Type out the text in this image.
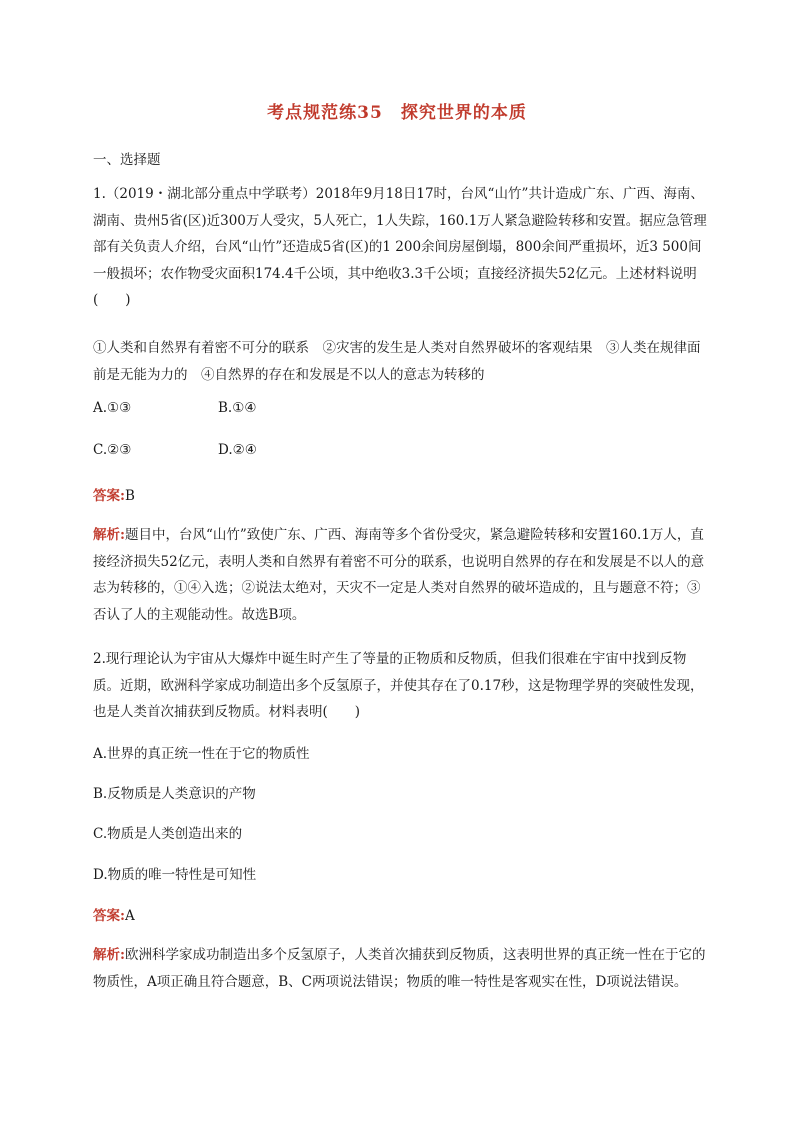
考点规范练35　探究世界的本质
一、选择题
1.（2019・湖北部分重点中学联考）2018年9月18日17时，台风“山竹”共计造成广东、广西、海南、湖南、贵州5省(区)近300万人受灾，5人死亡，1人失踪，160.1万人紧急避险转移和安置。据应急管理部有关负责人介绍，台风“山竹”还造成5省(区)的1 200余间房屋倒塌，800余间严重损坏，近3 500间一般损坏；农作物受灾面积174.4千公顷，其中绝收3.3千公顷；直接经济损失52亿元。上述材料说明(　　)
①人类和自然界有着密不可分的联系　②灾害的发生是人类对自然界破坏的客观结果　③人类在规律面前是无能为力的　④自然界的存在和发展是不以人的意志为转移的
A.①③	B.①④
C.②③	D.②④
答案:B
解析:题目中，台风“山竹”致使广东、广西、海南等多个省份受灾，紧急避险转移和安置160.1万人，直接经济损失52亿元，表明人类和自然界有着密不可分的联系，也说明自然界的存在和发展是不以人的意志为转移的，①④入选；②说法太绝对，天灾不一定是人类对自然界的破坏造成的，且与题意不符；③否认了人的主观能动性。故选B项。
2.现行理论认为宇宙从大爆炸中诞生时产生了等量的正物质和反物质，但我们很难在宇宙中找到反物质。近期，欧洲科学家成功制造出多个反氢原子，并使其存在了0.17秒，这是物理学界的突破性发现，也是人类首次捕获到反物质。材料表明(　　)
A.世界的真正统一性在于它的物质性
B.反物质是人类意识的产物
C.物质是人类创造出来的
D.物质的唯一特性是可知性
答案:A
解析:欧洲科学家成功制造出多个反氢原子，人类首次捕获到反物质，这表明世界的真正统一性在于它的物质性，A项正确且符合题意，B、C两项说法错误；物质的唯一特性是客观实在性，D项说法错误。
